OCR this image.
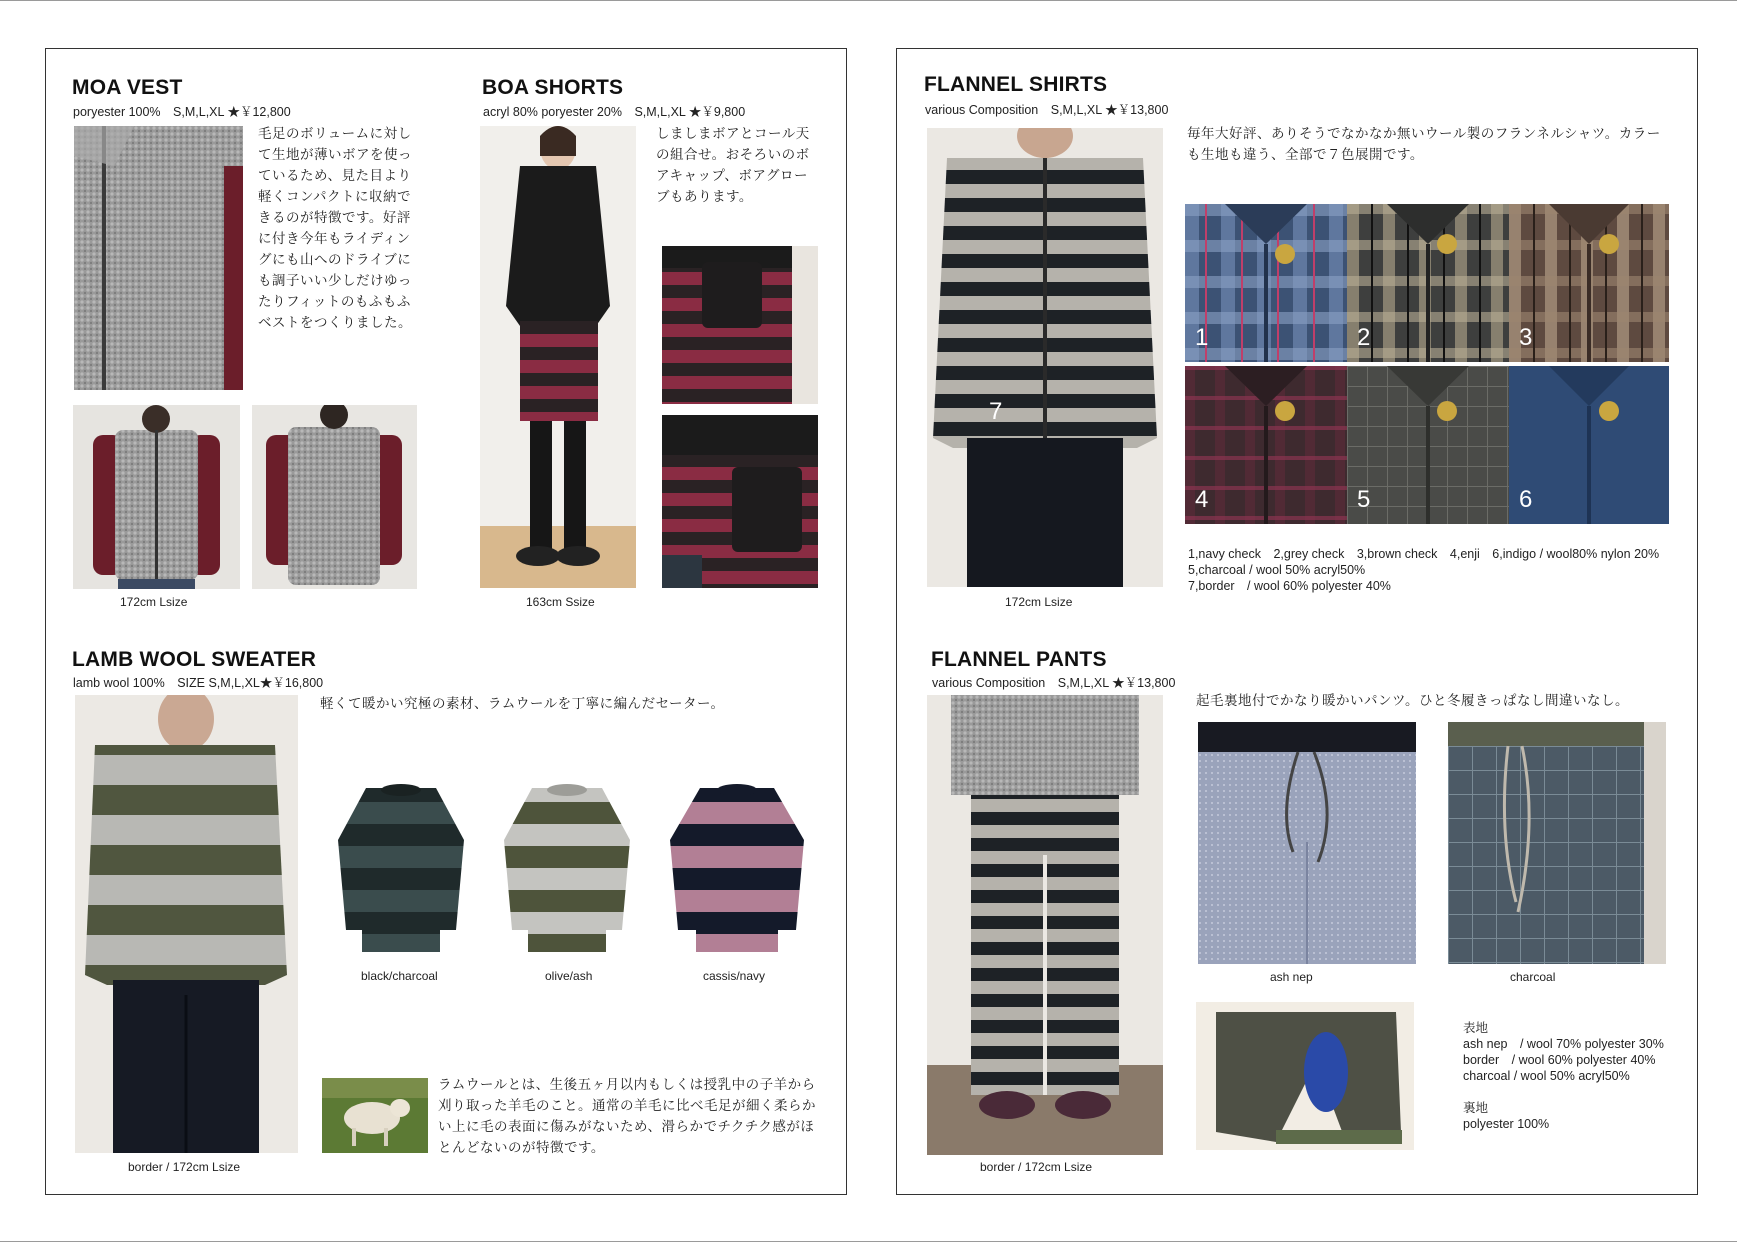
MOA VEST
poryester 100%　S,M,L,XL ★￥12,800
毛足のボリュームに対して生地が薄いボアを使っているため、見た目より軽くコンパクトに収納できるのが特徴です。好評に付き今年もライディングにも山へのドライブにも調子いい少しだけゆったりフィットのもふもふベストをつくりました。
172cm Lsize
BOA SHORTS
acryl 80% poryester 20%　S,M,L,XL ★￥9,800
しましまボアとコール天の組合せ。おそろいのボアキャップ、ボアグローブもあります。
163cm Ssize
LAMB WOOL SWEATER
lamb wool 100%　SIZE S,M,L,XL★￥16,800
border / 172cm Lsize
軽くて暖かい究極の素材、ラムウールを丁寧に編んだセーター。
black/charcoal	olive/ash	cassis/navy
ラムウールとは、生後五ヶ月以内もしくは授乳中の子羊から刈り取った羊毛のこと。通常の羊毛に比べ毛足が細く柔らかい上に毛の表面に傷みがないため、滑らかでチクチク感がほとんどないのが特徴です。
FLANNEL SHIRTS
various Composition　S,M,L,XL ★￥13,800
7
172cm Lsize
毎年大好評、ありそうでなかなか無いウール製のフランネルシャツ。カラーも生地も違う、全部で７色展開です。
1	2	3
4	5	6
1,navy check　2,grey check　3,brown check　4,enji　6,indigo / wool80% nylon 20%
5,charcoal / wool 50% acryl50%
7,border　/ wool 60% polyester 40%
FLANNEL PANTS
various Composition　S,M,L,XL ★￥13,800
border / 172cm Lsize
起毛裏地付でかなり暖かいパンツ。ひと冬履きっぱなし間違いなし。
ash nep	charcoal
表地
ash nep　/ wool 70% polyester 30%
border　/ wool 60% polyester 40%
charcoal / wool 50% acryl50%
裏地
polyester 100%
